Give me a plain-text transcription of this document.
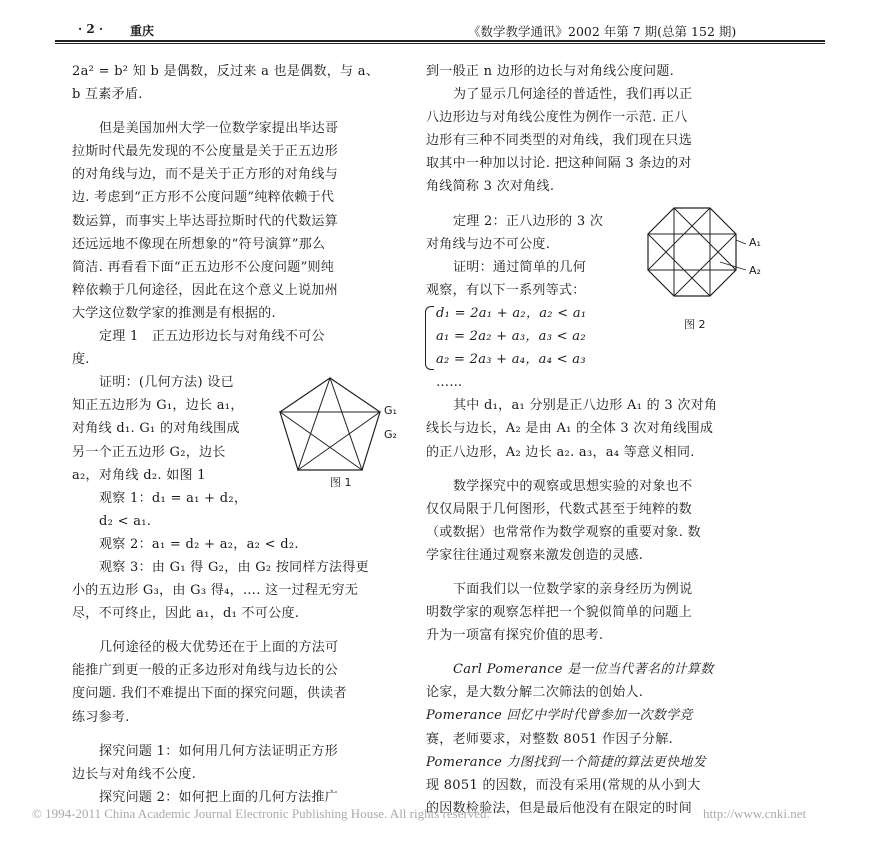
· 2 · 重庆	《数学教学通讯》2002 年第 7 期(总第 152 期)
2a² = b² 知 b 是偶数，反过来 a 也是偶数，与 a、
b 互素矛盾.
但是美国加州大学一位数学家提出毕达哥
拉斯时代最先发现的不公度量是关于正五边形
的对角线与边，而不是关于正方形的对角线与
边. 考虑到“正方形不公度问题”纯粹依赖于代
数运算，而事实上毕达哥拉斯时代的代数运算
还远远地不像现在所想象的“符号演算”那么
简洁. 再看看下面“正五边形不公度问题”则纯
粹依赖于几何途径，因此在这个意义上说加州
大学这位数学家的推测是有根据的.
定理 1　正五边形边长与对角线不可公
度.
证明：(几何方法) 设已
知正五边形为 G₁，边长 a₁，
对角线 d₁. G₁ 的对角线围成
另一个正五边形 G₂，边长
a₂，对角线 d₂. 如图 1
观察 1：d₁ = a₁ + d₂，
d₂ < a₁.
观察 2：a₁ = d₂ + a₂，a₂ < d₂.
观察 3：由 G₁ 得 G₂，由 G₂ 按同样方法得更
小的五边形 G₃，由 G₃ 得₄，…. 这一过程无穷无
尽，不可终止，因此 a₁，d₁ 不可公度.
几何途径的极大优势还在于上面的方法可
能推广到更一般的正多边形对角线与边长的公
度问题. 我们不难提出下面的探究问题，供读者
练习参考.
探究问题 1：如何用几何方法证明正方形
边长与对角线不公度.
探究问题 2：如何把上面的几何方法推广
G₁
G₂
图 1
到一般正 n 边形的边长与对角线公度问题.
为了显示几何途径的普适性，我们再以正
八边形边与对角线公度性为例作一示范. 正八
边形有三种不同类型的对角线，我们现在只选
取其中一种加以讨论. 把这种间隔 3 条边的对
角线简称 3 次对角线.
定理 2：正八边形的 3 次
对角线与边不可公度.
证明：通过简单的几何
观察，有以下一系列等式：
d₁ = 2a₁ + a₂，a₂ < a₁
a₁ = 2a₂ + a₃，a₃ < a₂
a₂ = 2a₃ + a₄，a₄ < a₃
……
其中 d₁，a₁ 分别是正八边形 A₁ 的 3 次对角
线长与边长，A₂ 是由 A₁ 的全体 3 次对角线围成
的正八边形，A₂ 边长 a₂. a₃，a₄ 等意义相同.
数学探究中的观察或思想实验的对象也不
仅仅局限于几何图形，代数式甚至于纯粹的数
（或数据）也常常作为数学观察的重要对象. 数
学家往往通过观察来激发创造的灵感.
下面我们以一位数学家的亲身经历为例说
明数学家的观察怎样把一个貌似简单的问题上
升为一项富有探究价值的思考.
Carl Pomerance 是一位当代著名的计算数
论家，是大数分解二次筛法的创始人.
Pomerance 回忆中学时代曾参加一次数学竞
赛，老师要求，对整数 8051 作因子分解.
Pomerance 力图找到一个简捷的算法更快地发
现 8051 的因数，而没有采用(常规的从小到大
的因数检验法，但是最后他没有在限定的时间
A₁
A₂
图 2
© 1994-2011 China Academic Journal Electronic Publishing House. All rights reserved.	http://www.cnki.net
